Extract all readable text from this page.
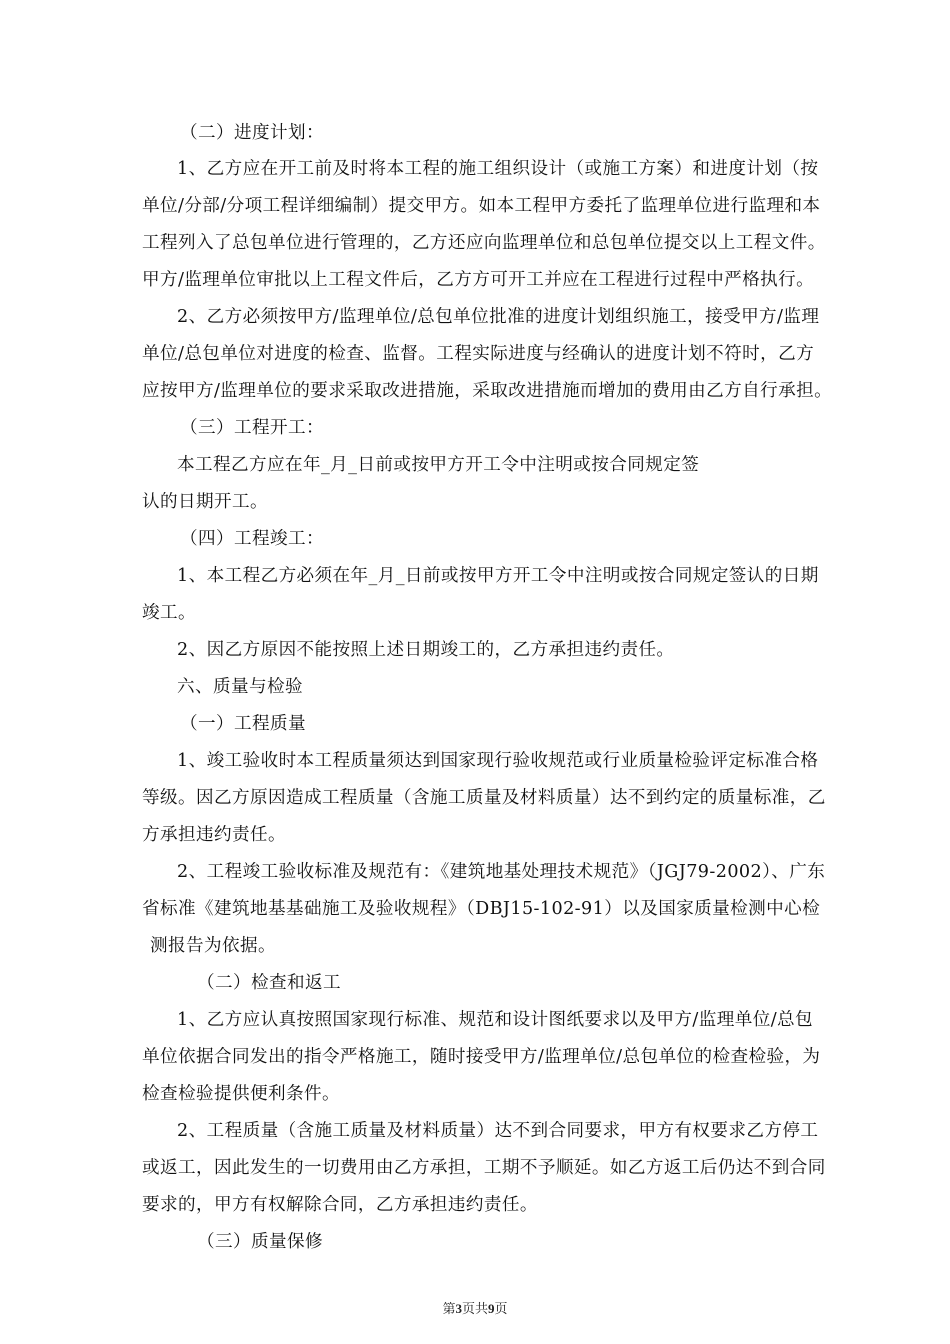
（二）进度计划：
1、乙方应在开工前及时将本工程的施工组织设计（或施工方案）和进度计划（按
单位/分部/分项工程详细编制）提交甲方。如本工程甲方委托了监理单位进行监理和本
工程列入了总包单位进行管理的，乙方还应向监理单位和总包单位提交以上工程文件。
甲方/监理单位审批以上工程文件后，乙方方可开工并应在工程进行过程中严格执行。
2、乙方必须按甲方/监理单位/总包单位批准的进度计划组织施工，接受甲方/监理
单位/总包单位对进度的检查、监督。工程实际进度与经确认的进度计划不符时，乙方
应按甲方/监理单位的要求采取改进措施，采取改进措施而增加的费用由乙方自行承担。
（三）工程开工：
本工程乙方应在年_月_日前或按甲方开工令中注明或按合同规定签
认的日期开工。
（四）工程竣工：
1、本工程乙方必须在年_月_日前或按甲方开工令中注明或按合同规定签认的日期
竣工。
2、因乙方原因不能按照上述日期竣工的，乙方承担违约责任。
六、质量与检验
（一）工程质量
1、竣工验收时本工程质量须达到国家现行验收规范或行业质量检验评定标准合格
等级。因乙方原因造成工程质量（含施工质量及材料质量）达不到约定的质量标准，乙
方承担违约责任。
2、工程竣工验收标准及规范有：《建筑地基处理技术规范》（JGJ79-2002）、广东
省标准《建筑地基基础施工及验收规程》（DBJ15-102-91）以及国家质量检测中心检
测报告为依据。
（二）检查和返工
1、乙方应认真按照国家现行标准、规范和设计图纸要求以及甲方/监理单位/总包
单位依据合同发出的指令严格施工，随时接受甲方/监理单位/总包单位的检查检验，为
检查检验提供便利条件。
2、工程质量（含施工质量及材料质量）达不到合同要求，甲方有权要求乙方停工
或返工，因此发生的一切费用由乙方承担，工期不予顺延。如乙方返工后仍达不到合同
要求的，甲方有权解除合同，乙方承担违约责任。
（三）质量保修
第3页共9页
